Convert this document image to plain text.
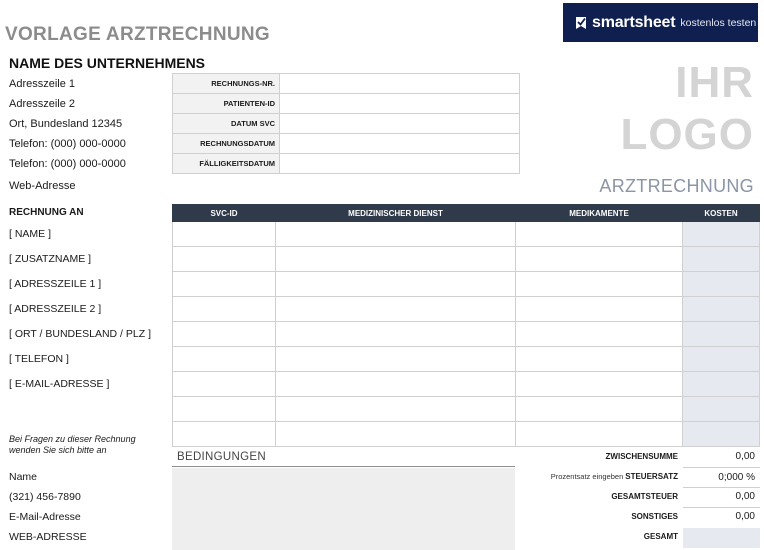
VORLAGE ARZTRECHNUNG
smartsheet kostenlos testen
NAME DES UNTERNEHMENS
Adresszeile 1
Adresszeile 2
Ort, Bundesland 12345
Telefon: (000) 000-0000
Telefon: (000) 000-0000
Web-Adresse
RECHNUNGS-NR.	
PATIENTEN-ID	
DATUM SVC	
RECHNUNGSDATUM	
FÄLLIGKEITSDATUM	
IHR
LOGO
ARZTRECHNUNG
RECHNUNG AN
[ NAME ]
[ ZUSATZNAME ]
[ ADRESSZEILE 1 ]
[ ADRESSZEILE 2 ]
[ ORT / BUNDESLAND / PLZ ]
[ TELEFON ]
[ E-MAIL-ADRESSE ]
SVC-ID	MEDIZINISCHER DIENST	MEDIKAMENTE	KOSTEN

Bei Fragen zu dieser Rechnung wenden Sie sich bitte an
Name
(321) 456-7890
E-Mail-Adresse
WEB-ADRESSE
BEDINGUNGEN	ZWISCHENSUMME	0,00
Prozentsatz eingeben STEUERSATZ	0;000 %
GESAMTSTEUER	0,00
SONSTIGES	0,00
GESAMT
